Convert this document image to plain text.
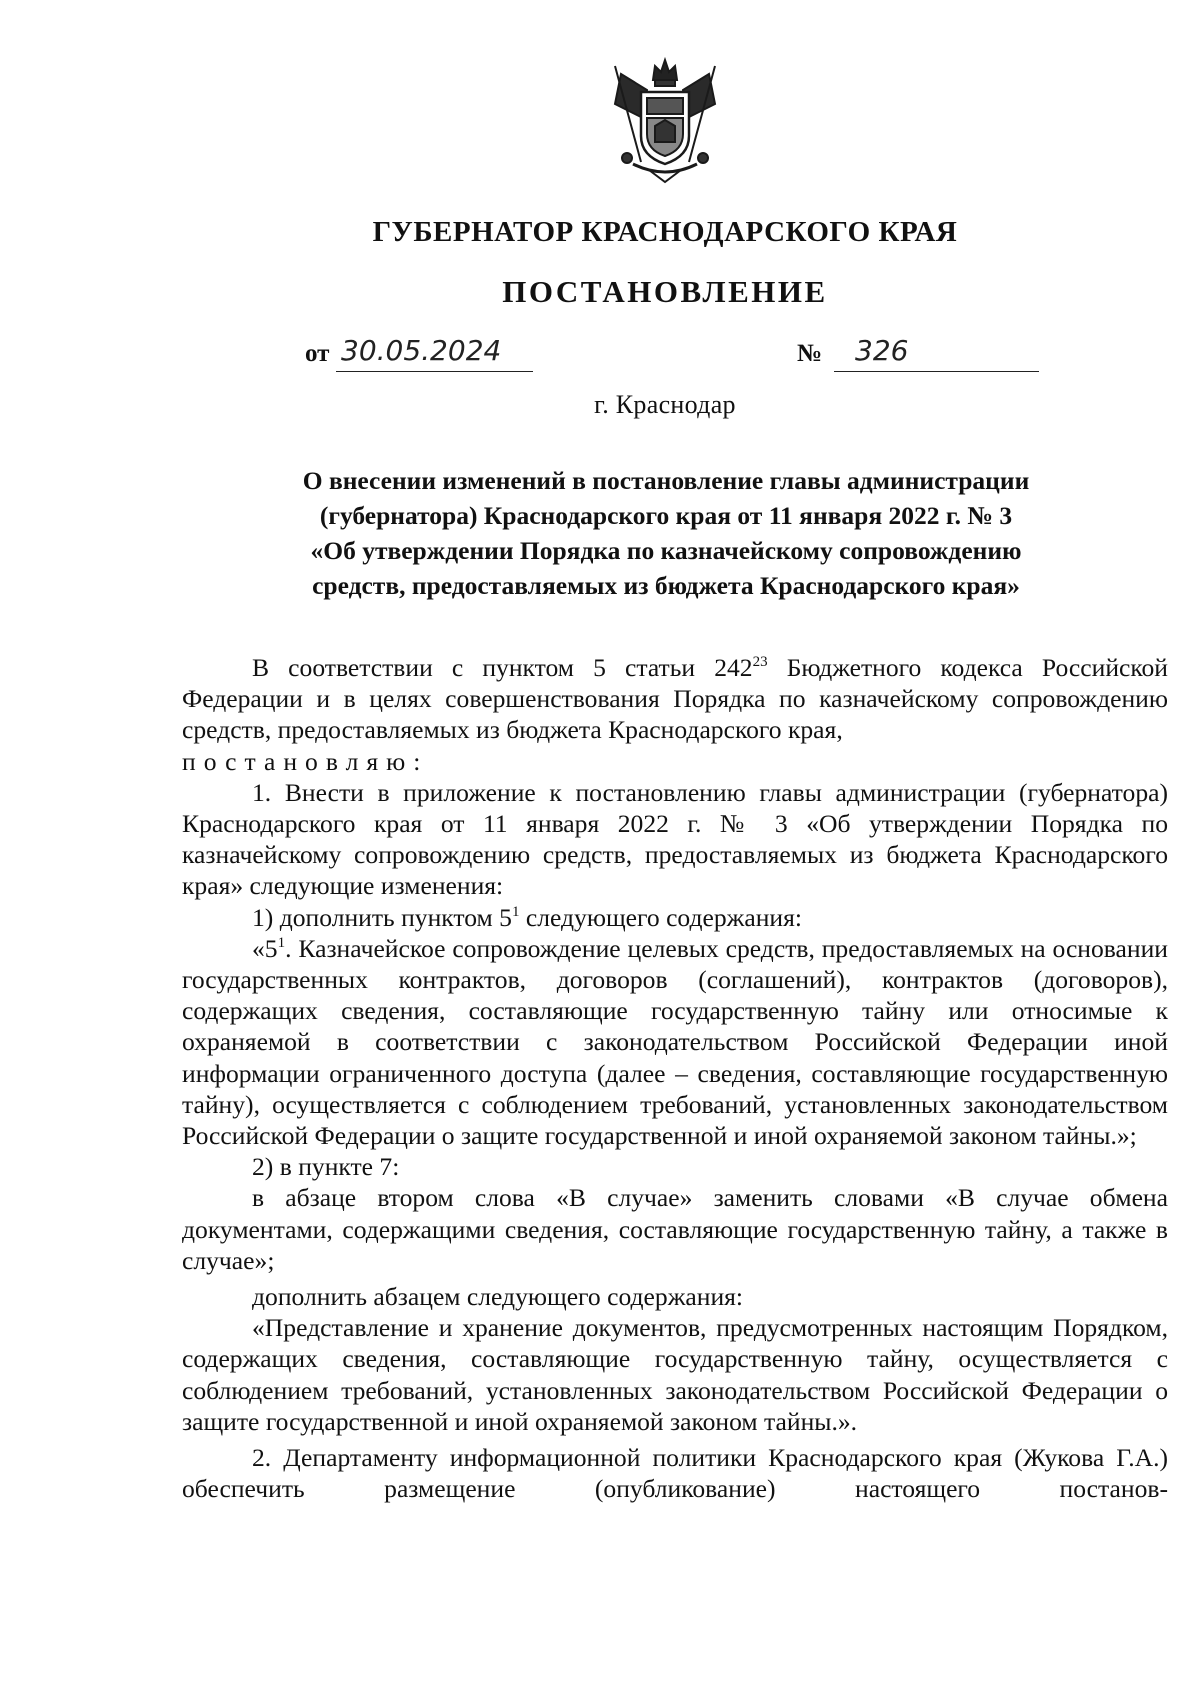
ГУБЕРНАТОР КРАСНОДАРСКОГО КРАЯ
ПОСТАНОВЛЕНИЕ
от 30.05.2024	№ 326
г. Краснодар
О внесении изменений в постановление главы администрации
(губернатора) Краснодарского края от 11 января 2022 г. № 3
«Об утверждении Порядка по казначейскому сопровождению
средств, предоставляемых из бюджета Краснодарского края»

В соответствии с пунктом 5 статьи $242^{23}$ Бюджетного кодекса Российской Федерации и в целях совершенствования Порядка по казначейскому сопровождению средств, предоставляемых из бюджета Краснодарского края,

постановляю:

1. Внести в приложение к постановлению главы администрации (губернатора) Краснодарского края от 11 января 2022 г. № 3 «Об утверждении Порядка по казначейскому сопровождению средств, предоставляемых из бюджета Краснодарского края» следующие изменения:

1) дополнить пунктом $5^1$ следующего содержания:

«$5^1$. Казначейское сопровождение целевых средств, предоставляемых на основании государственных контрактов, договоров (соглашений), контрактов (договоров), содержащих сведения, составляющие государственную тайну или относимые к охраняемой в соответствии с законодательством Российской Федерации иной информации ограниченного доступа (далее – сведения, составляющие государственную тайну), осуществляется с соблюдением требований, установленных законодательством Российской Федерации о защите государственной и иной охраняемой законом тайны.»;

2) в пункте 7:

в абзаце втором слова «В случае» заменить словами «В случае обмена документами, содержащими сведения, составляющие государственную тайну, а также в случае»;

дополнить абзацем следующего содержания:

«Представление и хранение документов, предусмотренных настоящим Порядком, содержащих сведения, составляющие государственную тайну, осуществляется с соблюдением требований, установленных законодательством Российской Федерации о защите государственной и иной охраняемой законом тайны.».

2. Департаменту информационной политики Краснодарского края (Жукова Г.А.) обеспечить размещение (опубликование) настоящего постанов-
